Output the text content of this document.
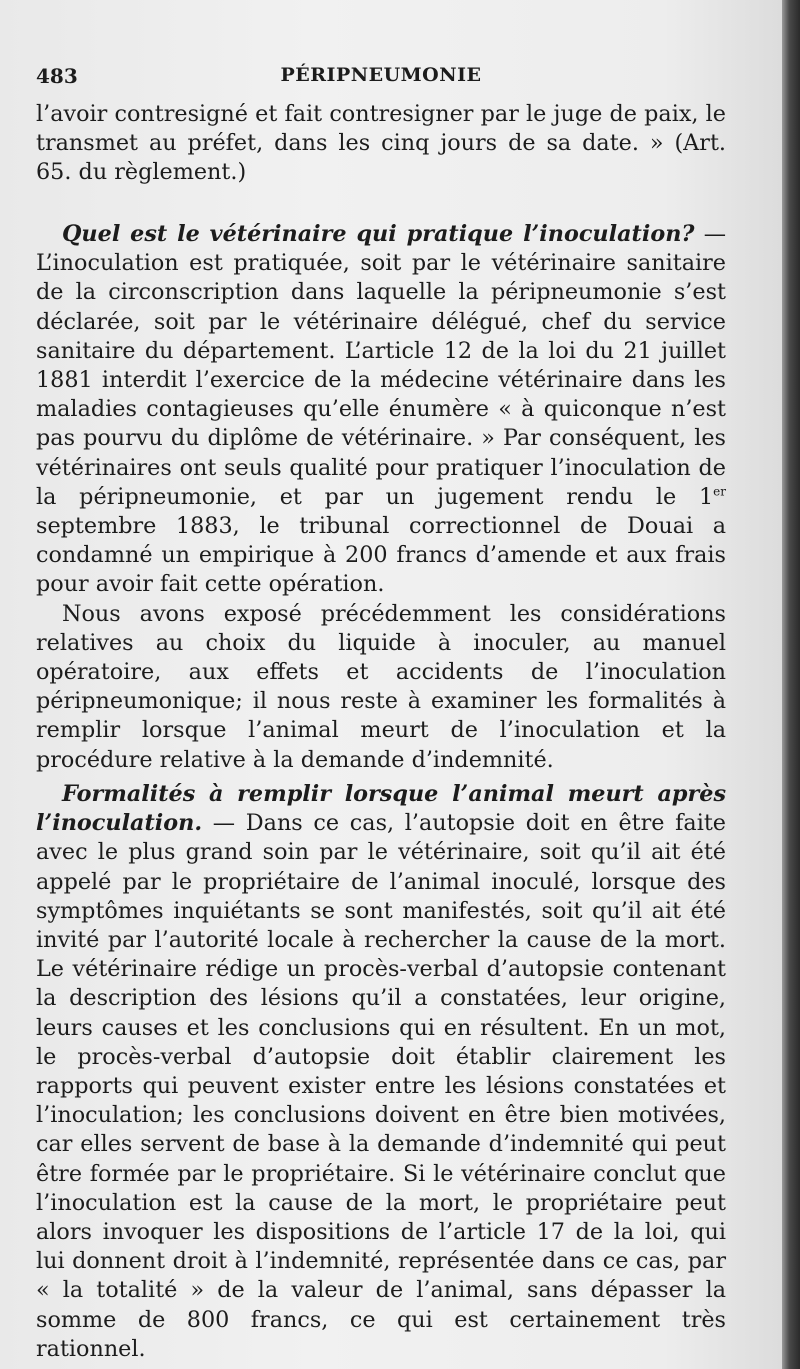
483	PÉRIPNEUMONIE

l’avoir contresigné et fait contresigner par le juge de paix, le transmet au préfet, dans les cinq jours de sa date. » (Art. 65. du règlement.)

Quel est le vétérinaire qui pratique l’inoculation? — L’inoculation est pratiquée, soit par le vétérinaire sanitaire de la circonscription dans laquelle la péripneumonie s’est déclarée, soit par le vétérinaire délégué, chef du service sanitaire du département. L’article 12 de la loi du 21 juillet 1881 interdit l’exercice de la médecine vétérinaire dans les maladies contagieuses qu’elle énumère « à quiconque n’est pas pourvu du diplôme de vétérinaire. » Par conséquent, les vétérinaires ont seuls qualité pour pratiquer l’inoculation de la péripneumonie, et par un jugement rendu le 1er septembre 1883, le tribunal correctionnel de Douai a condamné un empirique à 200 francs d’amende et aux frais pour avoir fait cette opération.

Nous avons exposé précédemment les considérations relatives au choix du liquide à inoculer, au manuel opératoire, aux effets et accidents de l’inoculation péripneumonique; il nous reste à examiner les formalités à remplir lorsque l’animal meurt de l’inoculation et la procédure relative à la demande d’indemnité.

Formalités à remplir lorsque l’animal meurt après l’inoculation. — Dans ce cas, l’autopsie doit en être faite avec le plus grand soin par le vétérinaire, soit qu’il ait été appelé par le propriétaire de l’animal inoculé, lorsque des symptômes inquiétants se sont manifestés, soit qu’il ait été invité par l’autorité locale à rechercher la cause de la mort. Le vétérinaire rédige un procès-verbal d’autopsie contenant la description des lésions qu’il a constatées, leur origine, leurs causes et les conclusions qui en résultent. En un mot, le procès-verbal d’autopsie doit établir clairement les rapports qui peuvent exister entre les lésions constatées et l’inoculation; les conclusions doivent en être bien motivées, car elles servent de base à la demande d’indemnité qui peut être formée par le propriétaire. Si le vétérinaire conclut que l’inoculation est la cause de la mort, le propriétaire peut alors invoquer les dispositions de l’article 17 de la loi, qui lui donnent droit à l’indemnité, représentée dans ce cas, par « la totalité » de la valeur de l’animal, sans dépasser la somme de 800 francs, ce qui est certainement très rationnel.
